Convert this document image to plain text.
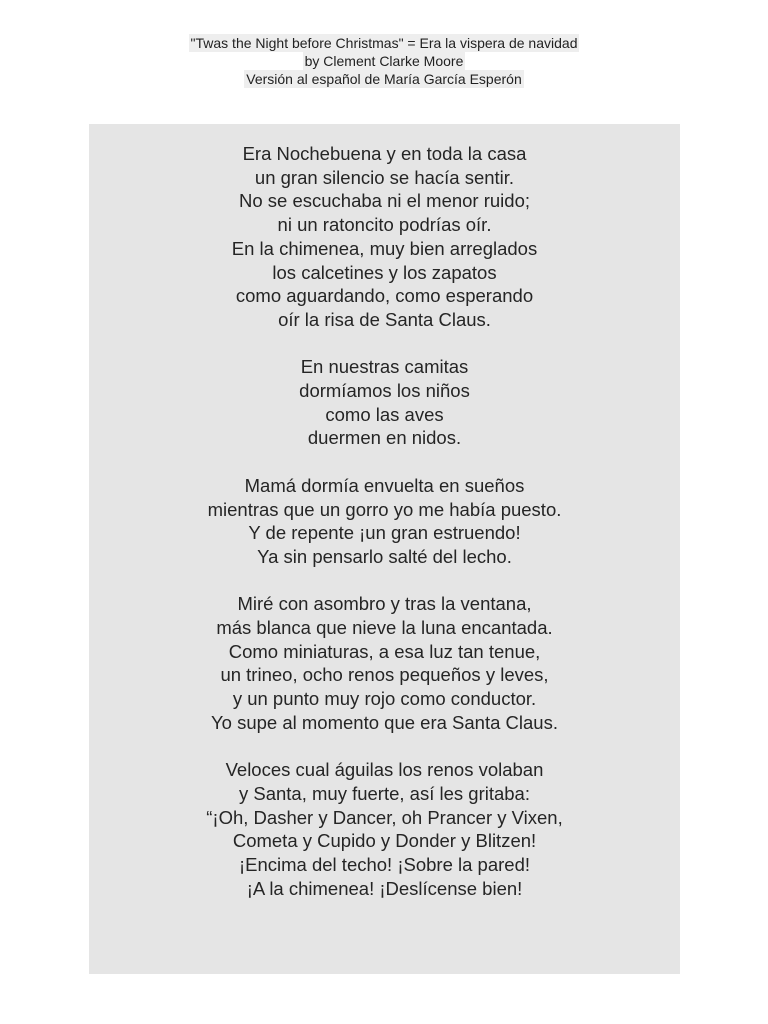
"Twas the Night before Christmas" = Era la vispera de navidad
by Clement Clarke Moore
Versión al español de María García Esperón
Era Nochebuena y en toda la casa
un gran silencio se hacía sentir.
No se escuchaba ni el menor ruido;
ni un ratoncito podrías oír.
En la chimenea, muy bien arreglados
los calcetines y los zapatos
como aguardando, como esperando
oír la risa de Santa Claus.
En nuestras camitas
dormíamos los niños
como las aves
duermen en nidos.
Mamá dormía envuelta en sueños
mientras que un gorro yo me había puesto.
Y de repente ¡un gran estruendo!
Ya sin pensarlo salté del lecho.
Miré con asombro y tras la ventana,
más blanca que nieve la luna encantada.
Como miniaturas, a esa luz tan tenue,
un trineo, ocho renos pequeños y leves,
y un punto muy rojo como conductor.
Yo supe al momento que era Santa Claus.
Veloces cual águilas los renos volaban
y Santa, muy fuerte, así les gritaba:
“¡Oh, Dasher y Dancer, oh Prancer y Vixen,
Cometa y Cupido y Donder y Blitzen!
¡Encima del techo! ¡Sobre la pared!
¡A la chimenea! ¡Deslícense bien!
